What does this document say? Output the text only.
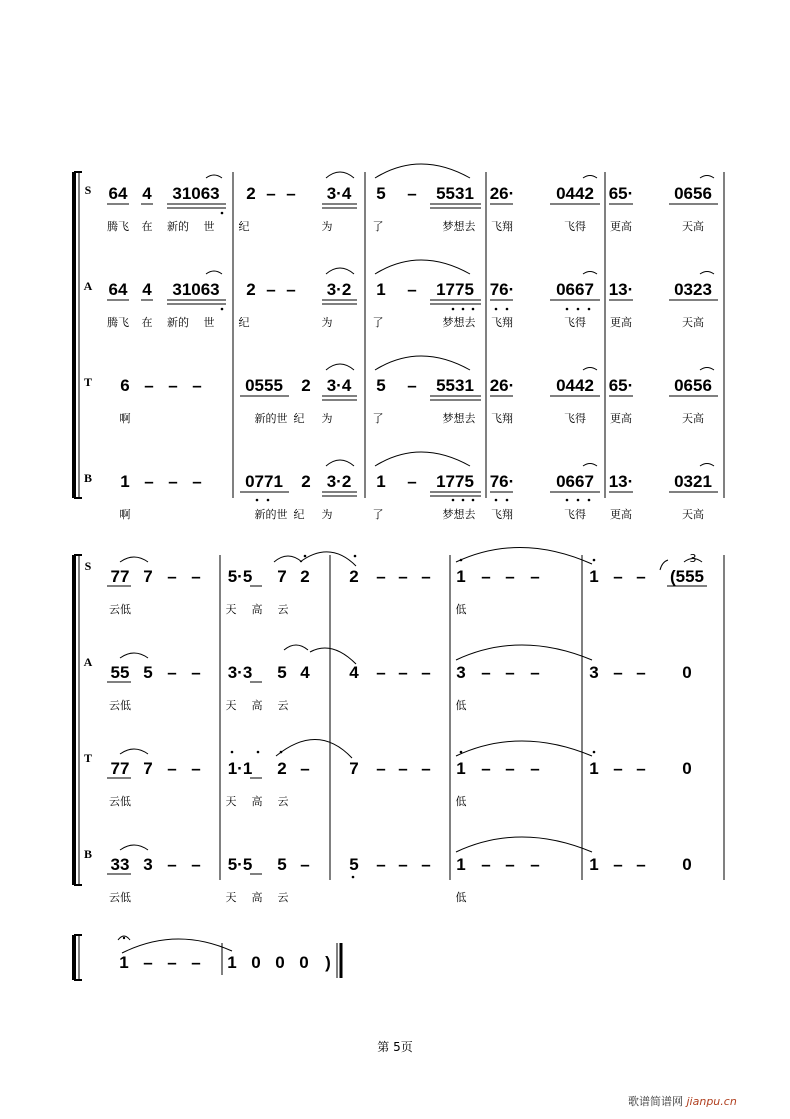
S 64 4 31063 2 – – 3·4 5 – 5531 26· 0442 65· 0656
腾飞 在 新的 世 纪	为	了	梦想去 飞翔	飞得 更高	天高
A 64 4 31063 2 – – 3·2 1 – 1775 76· 0667 13· 0323
腾飞 在 新的 世 纪	为	了	梦想去 飞翔	飞得 更高	天高
T 6 – – –	0555 2 3·4 5 – 5531 26· 0442 65· 0656
啊	新的世 纪 为	了	梦想去 飞翔	飞得 更高	天高
B 1 – – –	0771 2 3·2 1 – 1775 76· 0667 13· 0321
啊	新的世 纪 为	了	梦想去 飞翔	飞得 更高	天高
S
77 7 – – 5·5 7 2 2 – – – 1 – – –	1 – – (555
云低	天 高 云	低
3
A
55 5 – – 3·3 5 4 4 – – – 3 – – –	3 – – 0
云低	天 高 云	低
T
77 7 – – 1·1 2 – 7 – – – 1 – – –	1 – – 0
云低	天 高 云	低
B
33 3 – – 5·5 5 – 5 – – – 1 – – –	1 – – 0
云低	天 高 云	低
1 – – – 1 0 0 0 )
第 5页
歌谱简谱网 jianpu.cn
